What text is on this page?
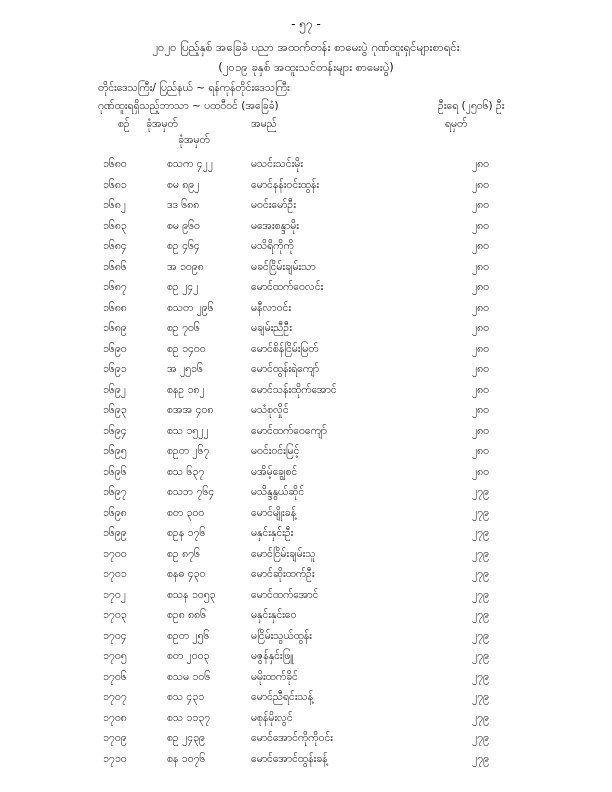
- ၅၇ -
၂၀၂၀ ပြည့်နှစ် အခြေခံ ပညာ အထက်တန်း စာမေးပွဲ ဂုဏ်ထူးရှင်များစာရင်း
(၂၀၁၉ ခုနှစ် အထူးသင်တန်းများ စာမေးပွဲ)
တိုင်းဒေသကြီး/ ပြည်နယ် ~ ရန်ကုန်တိုင်းဒေသကြီး
ဂုဏ်ထူးရရှိသည့်ဘာသာ ~ ပထဝီဝင် (အခြေခံ)	ဦးရေ (၂၅၀၆) ဦး
စဉ် ခုံအမှတ်
ခုံအမှတ်
အမည်	ရမှတ်
၁၆၈၀	စသက ၄၂၂	မသင်းသင်းမိုး	၂၈၀
၁၆၈၁	စမ ၈၉၂	မောင်နန်းဝင်းထွန်း	၂၈၀
၁၆၈၂	ဒဒ ၆၈၈	မဝင်းမော်ဦး	၂၈၀
၁၆၈၃	စမ ၉၆၀	မအေးစန္ဒာမိုး	၂၈၀
၁၆၈၄	စဥ ၄၆၄	မသိရိကိုကို	၂၈၀
၁၆၈၆	အ ၁၀၉၈	မခင်ငြိမ်းချမ်းသာ	၂၈၀
၁၆၈၇	စဥ ၂၄၂	မောင်ထက်ဝေလင်း	၂၈၀
၁၆၈၈	စသတ ၂၉၆	မနီလာဝင်း	၂၈၀
၁၆၈၉	စဥ ၇၀၆	မချမ်းညီဦး	၂၈၀
၁၆၉၀	စဥ ၁၄၀၀	မောင်စိန်ငြိမ်းမြတ်	၂၈၀
၁၆၉၁	အ ၂၅၁၆	မောင်ထွန်းရဲကျော်	၂၈၀
၁၆၉၂	စနဥ ၁၈၂	မောင်သန်းထိုက်အောင်	၂၈၀
၁၆၉၃	စအအ ၄၀၈	မသံစုလှိုင်	၂၈၀
၁၆၉၄	စသ ၁၅၂၂	မောင်ထက်ဝေကျော်	၂၈၀
၁၆၉၅	စဥတ ၂၆၇	မဝင်းဝင်းမြင့်	၂၈၀
၁၆၉၆	စသ ၆၃၇	မအိမ့်ချွေစင်	၂၈၀
၁၆၉၇	စသဘ ၇၆၄	မသိန္ဒနွယ်ဆိုင်	၂၇၉
၁၆၉၈	စတ ၃၀၀	မောင်မျိုးခန့်	၂၇၉
၁၆၉၉	စဥန ၁၇၆	မနှင်းနှင်းဦး	၂၇၉
၁၇၀၀	စဥ ၈၇၆	မောင်ငြိမ်းချမ်းသူ	၂၇၉
၁၇၀၁	စနဓ ၄၃၀	မောင်ဆိုးထက်ဦး	၂၇၉
၁၇၀၂	စသန ၁၀၅၃	မောင်ထက်အောင်	၂၇၉
၁၇၀၃	စဥ၈ ၈၈၆	မနှင်းနှင်းဝေ	၂၇၉
၁၇၀၄	စဥတ ၂၅၆	မငြိမ်းသွယ်ထွန်း	၂၇၉
၁၇၀၅	စတ ၂၀၀၃	မဇွန်နှင်းဖြူ	၂၇၉
၁၇၀၆	စသမ ၁၀၆	မမိုးထက်ခိုင်	၂၇၉
၁၇၀၇	စသ ၄၃၁	မောင်ညီရင်းသန့်	၂၇၉
၁၇၀၈	စသ ၁၁၃၇	မစုန်မိုးလွင်	၂၇၉
၁၇၀၉	စဥ ၂၄၃၉	မောင်အောင်ကိုကိုဝင်း	၂၇၉
၁၇၁၀	စန ၁၀၇၆	မောင်အောင်ထွန်းခန့်	၂၇၉
